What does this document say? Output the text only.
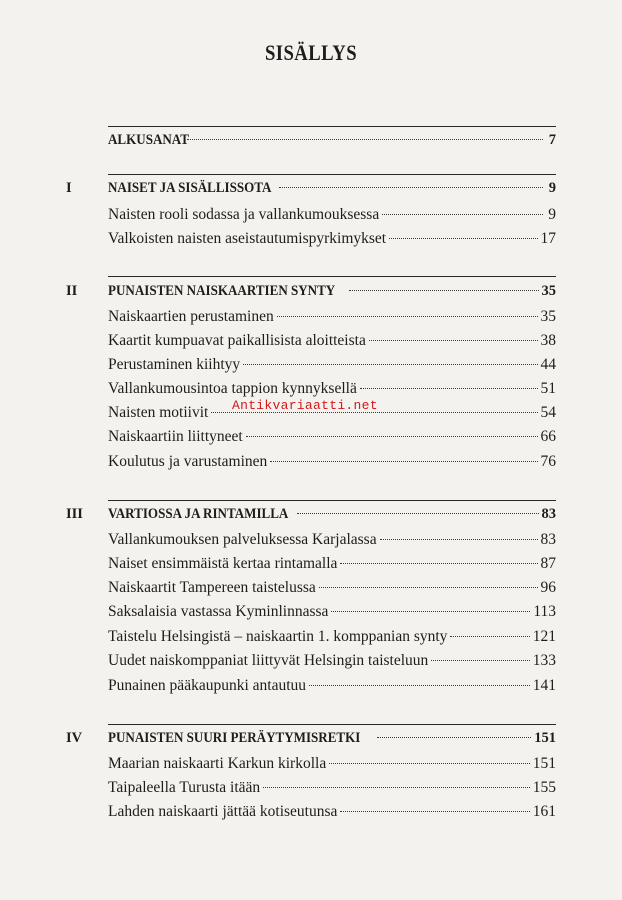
SISÄLLYS
ALKUSANAT	7
I	NAISET JA SISÄLLISSOTA	9
Naisten rooli sodassa ja vallankumouksessa	9
Valkoisten naisten aseistautumispyrkimykset	17
II	PUNAISTEN NAISKAARTIEN SYNTY	35
Naiskaartien perustaminen	35
Kaartit kumpuavat paikallisista aloitteista	38
Perustaminen kiihtyy	44
Vallankumousintoa tappion kynnyksellä	51
Naisten motiivit	54
Naiskaartiin liittyneet	66
Koulutus ja varustaminen	76
III	VARTIOSSA JA RINTAMILLA	83
Vallankumouksen palveluksessa Karjalassa	83
Naiset ensimmäistä kertaa rintamalla	87
Naiskaartit Tampereen taistelussa	96
Saksalaisia vastassa Kyminlinnassa	113
Taistelu Helsingistä – naiskaartin 1. komppanian synty	121
Uudet naiskomppaniat liittyvät Helsingin taisteluun	133
Punainen pääkaupunki antautuu	141
IV	PUNAISTEN SUURI PERÄYTYMISRETKI	151
Maarian naiskaarti Karkun kirkolla	151
Taipaleella Turusta itään	155
Lahden naiskaarti jättää kotiseutunsa	161
Antikvariaatti.net
